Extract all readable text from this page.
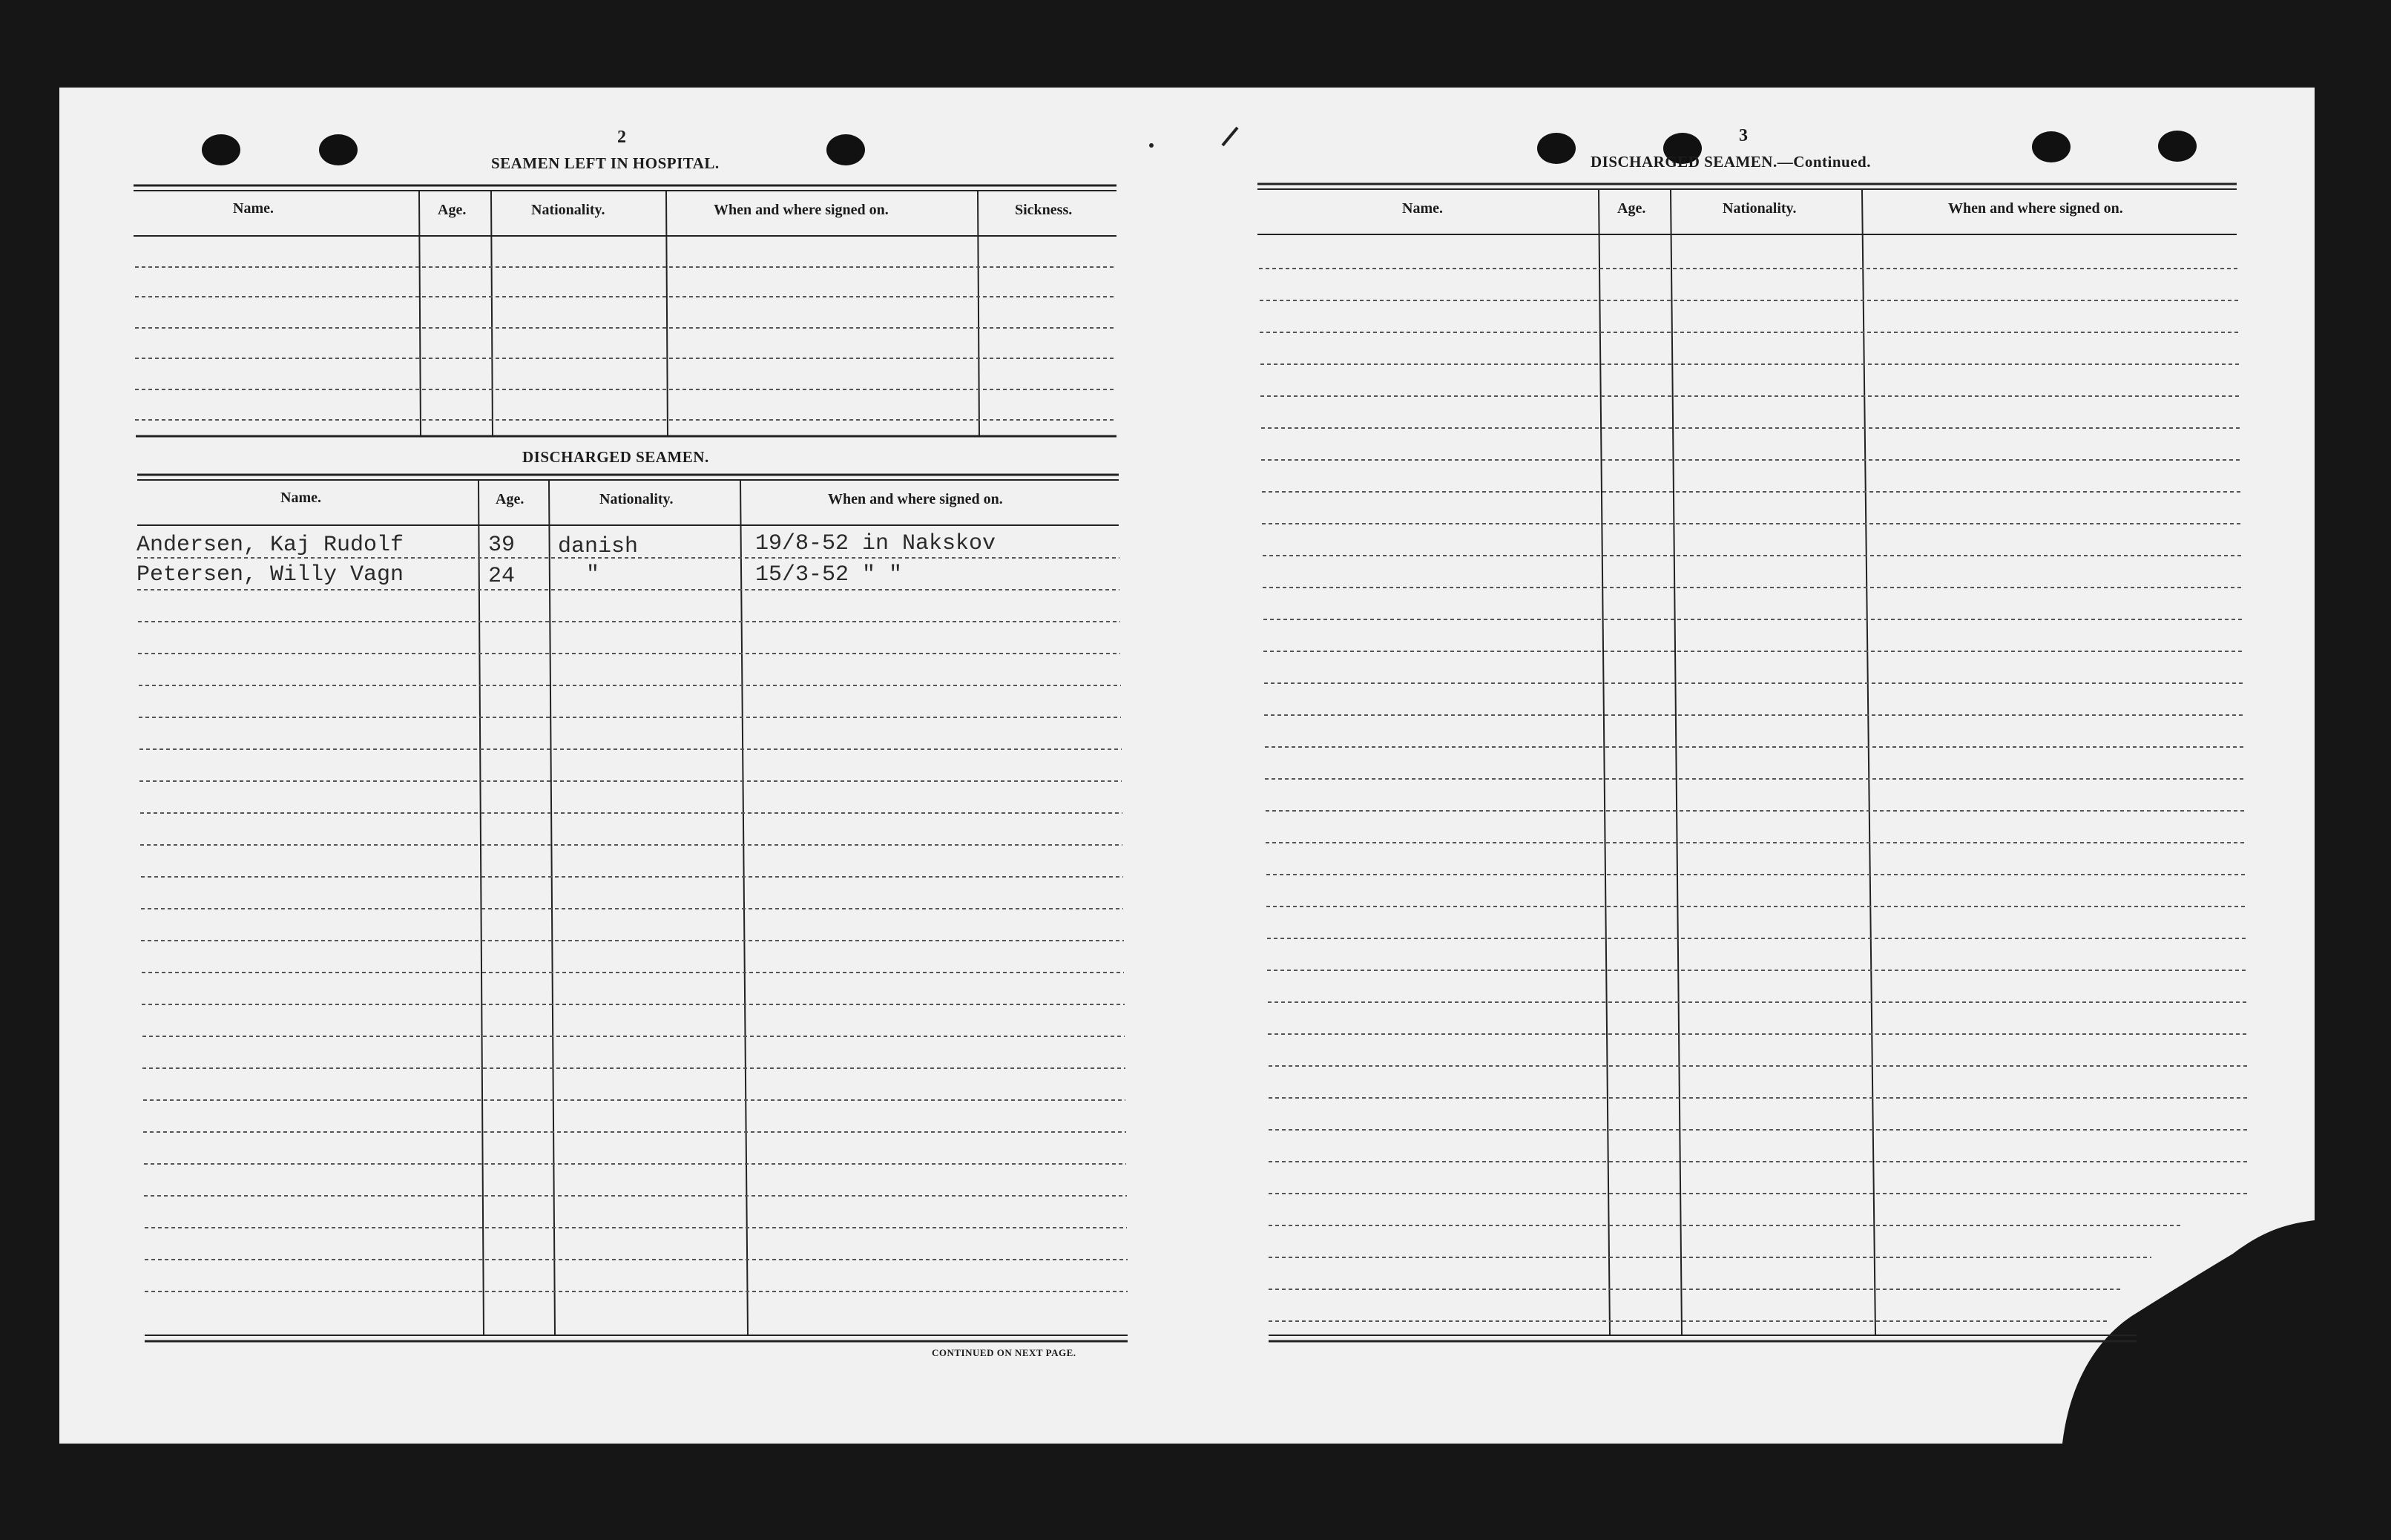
2
SEAMEN LEFT IN HOSPITAL.
Name.	Age.	Nationality.	When and where signed on.	Sickness.
DISCHARGED SEAMEN.
Name.	Age.	Nationality.	When and where signed on.
Andersen, Kaj Rudolf	39 danish	19/8-52 in Nakskov
Petersen, Willy Vagn	24	"	15/3-52 " "
CONTINUED ON NEXT PAGE.
3
DISCHARGED SEAMEN.—Continued.
Name.	Age.	Nationality.	When and where signed on.
